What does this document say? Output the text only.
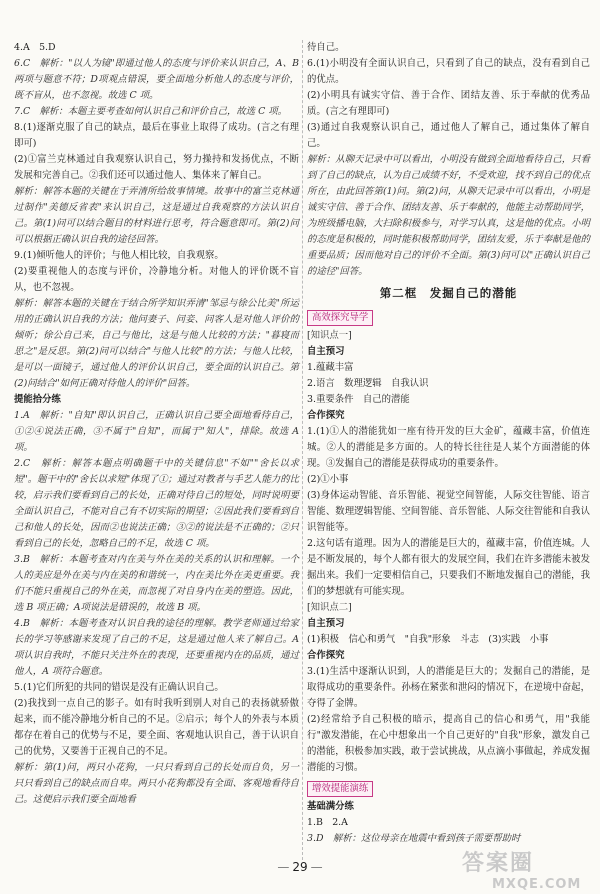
4.A　5.D

6.C　解析："以人为镜"即通过他人的态度与评价来认识自己，A、B两项与题意不符；D项观点错误，要全面地分析他人的态度与评价，既不盲从，也不忽视。故选 C 项。

7.C　解析：本题主要考查如何认识自己和评价自己，故选 C 项。

8.(1)逐渐克服了自己的缺点，最后在事业上取得了成功。(言之有理即可)

(2)①富兰克林通过自我观察认识自己，努力操持和发扬优点，不断发展和完善自己。②我们还可以通过他人、集体来了解自己。

解析：解答本题的关键在于弄清所给故事情境。故事中的富兰克林通过制作"美德反省表"来认识自己，这是通过自我观察的方法认识自己。第(1)问可以结合题目的材料进行思考，符合题意即可。第(2)问可以根据正确认识自我的途径回答。

9.(1)倾听他人的评价；与他人相比较，自我观察。

(2)要重视他人的态度与评价，冷静地分析。对他人的评价既不盲从，也不忽视。

解析：解答本题的关键在于结合所学知识弄清"邹忌与徐公比美"所运用的正确认识自我的方法；他问妻子、问妾、问客人是对他人评价的倾听；徐公自己来，自己与他比，这是与他人比较的方法；"暮寝而思之"是反思。第(2)问可以结合"与他人比较"的方法；与他人比较，是可以一面镜子，通过他人的评价认识自己，要全面的认识自己。第(2)问结合"如何正确对待他人的评价"回答。

提能拾分练

1.A　解析："自知"即认识自己，正确认识自己要全面地看待自己，①②④说法正确，③不属于"自知"，而属于"知人"，排除。故选 A 项。

2.C　解析：解答本题点明确题干中的关键信息"不如""舍长以求短"。题干中的"舍长以求短"体现了①；通过对教者与手艺人能力的比较，启示我们要看到自己的长处，正确对待自己的短处，同时说明要全面认识自己，不能对自己有不切实际的期望；②因此我们要看到自己和他人的长处，因而②也说法正确；③②的说法是不正确的；②只看到自己的长处，忽略自己的不足，故选 C 项。

3.B　解析：本题考查对内在美与外在美的关系的认识和理解。一个人的美应是外在美与内在美的和谐统一，内在美比外在美更重要。我们不能只重视自己的外在美，而忽视了对自身内在美的塑造。因此，选 B 项正确；A项说法是错误的，故选 B 项。

4.B　解析：本题考查对认识自我的途径的理解。教学老师通过给家长的学习等感谢来发现了自己的不足，这是通过他人来了解自己。A项认识自我时，不能只关注外在的表现，还要重视内在的品质，通过他人，A 项符合题意。

5.(1)它们所犯的共同的错误是没有正确认识自己。

(2)我找到一点自己的影子。如有时我听到别人对自己的表扬就骄傲起来，而不能冷静地分析自己的不足。②启示；每个人的外表与本质都存在着自己的优势与不足，要全面、客观地认识自己，善于认识自己的优势，又要善于正视自己的不足。

解析：第(1)问，两只小花狗，一只只看到自己的长处而自负，另一只只看到自己的缺点而自卑。两只小花狗都没有全面、客观地看待自己。这便启示我们要全面地看

待自己。

6.(1)小明没有全面认识自己，只看到了自己的缺点，没有看到自己的优点。

(2)小明具有诚实守信、善于合作、团结友善、乐于奉献的优秀品质。(言之有理即可)

(3)通过自我观察认识自己，通过他人了解自己，通过集体了解自己。

解析：从聊天记录中可以看出，小明没有做到全面地看待自己，只看到了自己的缺点，认为自己成绩不好，不受欢迎，找不到自己的优点所在，由此回答第(1)问。第(2)问，从聊天记录中可以看出，小明是诚实守信、善于合作、团结友善、乐于奉献的，他能主动帮助同学，为班级播电脑，大扫除积极参与，对学习认真，这是他的优点。小明的态度是积极的，同时能积极帮助同学，团结友爱，乐于奉献是他的重要品质；因而他对自己的评价不全面。第(3)问可以"正确认识自己的途径"回答。

第二框　发掘自己的潜能
高效探究导学
[知识点一]

自主预习

1.蕴藏丰富

2.语言　数理逻辑　自我认识

3.重要条件　自己的潜能

合作探究

1.(1)①人的潜能犹如一座有待开发的巨大金矿，蕴藏丰富，价值连城。②人的潜能是多方面的。人的特长往往是人某个方面潜能的体现。③发掘自己的潜能是获得成功的重要条件。

(2)①小事

(3)身体运动智能、音乐智能、视觉空间智能，人际交往智能、语言智能、数理逻辑智能、空间智能、音乐智能、人际交往智能和自我认识智能等。

2.这句话有道理。因为人的潜能是巨大的，蕴藏丰富，价值连城。人是不断发展的，每个人都有很大的发展空间，我们在许多潜能未被发掘出来。我们一定要相信自己，只要我们不断地发掘自己的潜能，我们的梦想就有可能实现。

[知识点二]

自主预习

(1)积极　信心和勇气　"自我"形象　斗志　(3)实践　小事

合作探究

3.(1)生活中逐渐认识到，人的潜能是巨大的；发掘自己的潜能，是取得成功的重要条件。孙杨在紧张和泄闷的情况下，在逆境中奋起，夺得了金牌。

(2)经常给予自己积极的暗示，提高自己的信心和勇气，用"我能行"激发潜能，在心中想象出一个自己更好的"自我"形象，激发自己的潜能，积极参加实践，敢于尝试挑战，从点滴小事做起，养成发掘潜能的习惯。

增效提能演练

基础满分练

1.B　2.A

3.D　解析：这位母亲在地震中看到孩子需要帮助时

— 29 —	答案圈
MXQE.COM
